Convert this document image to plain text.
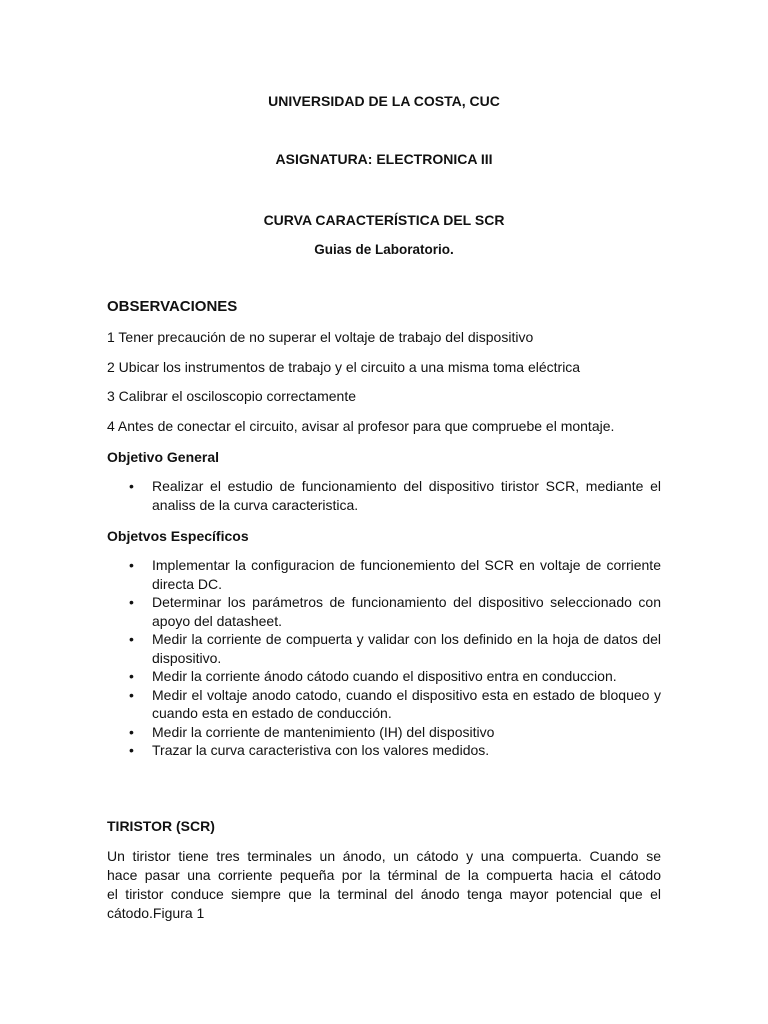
UNIVERSIDAD DE LA COSTA, CUC
ASIGNATURA: ELECTRONICA III
CURVA CARACTERÍSTICA DEL SCR
Guias de Laboratorio.
OBSERVACIONES
1 Tener precaución de no superar el voltaje de trabajo del dispositivo
2 Ubicar los instrumentos de trabajo y el circuito a una misma toma eléctrica
3 Calibrar el osciloscopio correctamente
4 Antes de conectar el circuito, avisar al profesor para que compruebe el montaje.
Objetivo General
• Realizar el estudio de funcionamiento del dispositivo tiristor SCR, mediante el analiss de la curva caracteristica.
Objetvos Específicos
• Implementar la configuracion de funcionemiento del SCR en voltaje de corriente directa DC.
• Determinar los parámetros de funcionamiento del dispositivo seleccionado con apoyo del datasheet.
• Medir la corriente de compuerta y validar con los definido en la hoja de datos del dispositivo.
• Medir la corriente ánodo cátodo cuando el dispositivo entra en conduccion.
• Medir el voltaje anodo catodo, cuando el dispositivo esta en estado de bloqueo y cuando esta en estado de conducción.
• Medir la corriente de mantenimiento (IH) del dispositivo
• Trazar la curva caracteristiva con los valores medidos.
TIRISTOR (SCR)
Un tiristor tiene tres terminales un ánodo, un cátodo y una compuerta. Cuando se
hace pasar una corriente pequeña por la términal de la compuerta hacia el cátodo
el tiristor conduce siempre que la terminal del ánodo tenga mayor potencial que el
cátodo.Figura 1
